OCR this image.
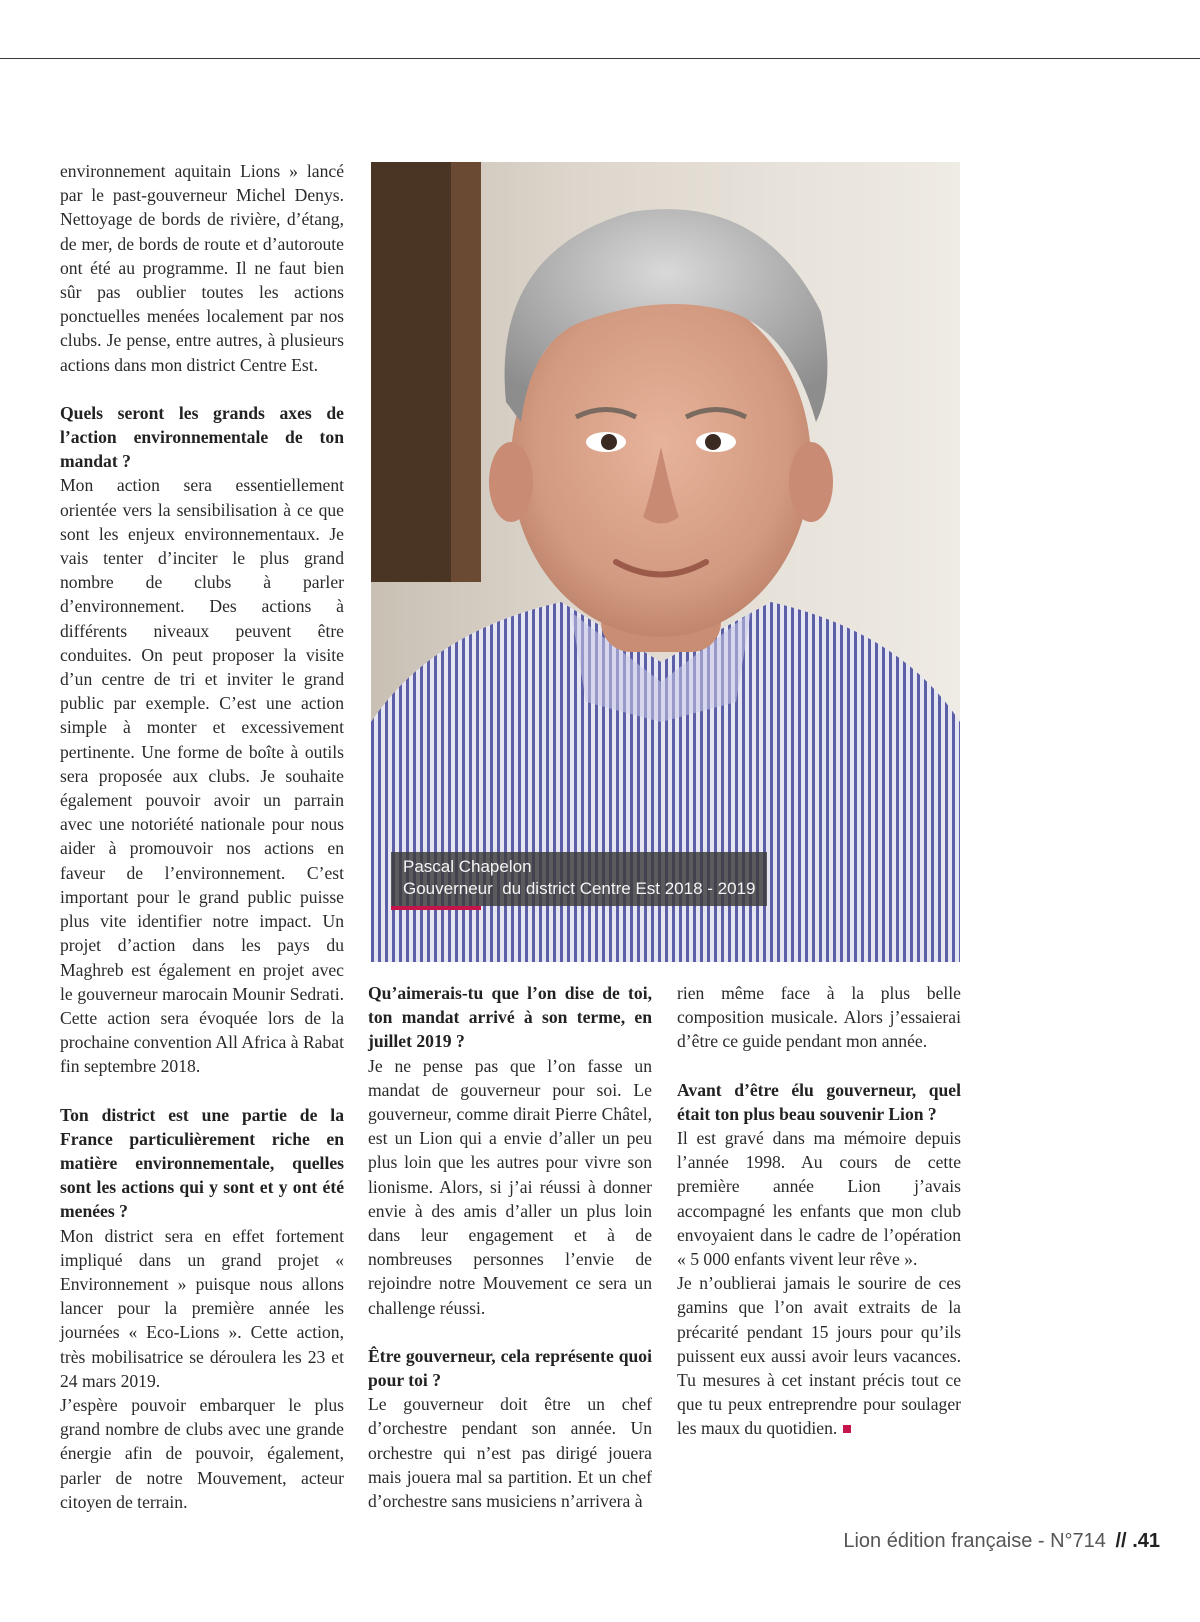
environnement aquitain Lions » lancé par le past-gouverneur Michel Denys. Nettoyage de bords de rivière, d’étang, de mer, de bords de route et d’autoroute ont été au programme. Il ne faut bien sûr pas oublier toutes les actions ponctuelles menées localement par nos clubs. Je pense, entre autres, à plusieurs actions dans mon district Centre Est.

Quels seront les grands axes de l’action environnementale de ton mandat ?

Mon action sera essentiellement orientée vers la sensibilisation à ce que sont les enjeux environnementaux. Je vais tenter d’inciter le plus grand nombre de clubs à parler d’environnement. Des actions à différents niveaux peuvent être conduites. On peut proposer la visite d’un centre de tri et inviter le grand public par exemple. C’est une action simple à monter et excessivement pertinente. Une forme de boîte à outils sera proposée aux clubs. Je souhaite également pouvoir avoir un parrain avec une notoriété nationale pour nous aider à promouvoir nos actions en faveur de l’environnement. C’est important pour le grand public puisse plus vite identifier notre impact. Un projet d’action dans les pays du Maghreb est également en projet avec le gouverneur marocain Mounir Sedrati. Cette action sera évoquée lors de la prochaine convention All Africa à Rabat fin septembre 2018.

Ton district est une partie de la France particulièrement riche en matière environnementale, quelles sont les actions qui y sont et y ont été menées ?

Mon district sera en effet fortement impliqué dans un grand projet « Environnement » puisque nous allons lancer pour la première année les journées « Eco-Lions ». Cette action, très mobilisatrice se déroulera les 23 et 24 mars 2019.

J’espère pouvoir embarquer le plus grand nombre de clubs avec une grande énergie afin de pouvoir, également, parler de notre Mouvement, acteur citoyen de terrain.

Pascal Chapelon
Gouverneur  du district Centre Est 2018 - 2019
Qu’aimerais-tu que l’on dise de toi, ton mandat arrivé à son terme, en juillet 2019 ?

Je ne pense pas que l’on fasse un mandat de gouverneur pour soi. Le gouverneur, comme dirait Pierre Châtel, est un Lion qui a envie d’aller un peu plus loin que les autres pour vivre son lionisme. Alors, si j’ai réussi à donner envie à des amis d’aller un plus loin dans leur engagement et à de nombreuses personnes l’envie de rejoindre notre Mouvement ce sera un challenge réussi.

Être gouverneur, cela représente quoi pour toi ?

Le gouverneur doit être un chef d’orchestre pendant son année. Un orchestre qui n’est pas dirigé jouera mais jouera mal sa partition. Et un chef d’orchestre sans musiciens n’arrivera à

rien même face à la plus belle composition musicale. Alors j’essaierai d’être ce guide pendant mon année.

Avant d’être élu gouverneur, quel était ton plus beau souvenir Lion ?

Il est gravé dans ma mémoire depuis l’année 1998. Au cours de cette première année Lion j’avais accompagné les enfants que mon club envoyaient dans le cadre de l’opération « 5 000 enfants vivent leur rêve ».

Je n’oublierai jamais le sourire de ces gamins que l’on avait extraits de la précarité pendant 15 jours pour qu’ils puissent eux aussi avoir leurs vacances. Tu mesures à cet instant précis tout ce que tu peux entreprendre pour soulager les maux du quotidien.

Lion édition française - N°714 // .41
